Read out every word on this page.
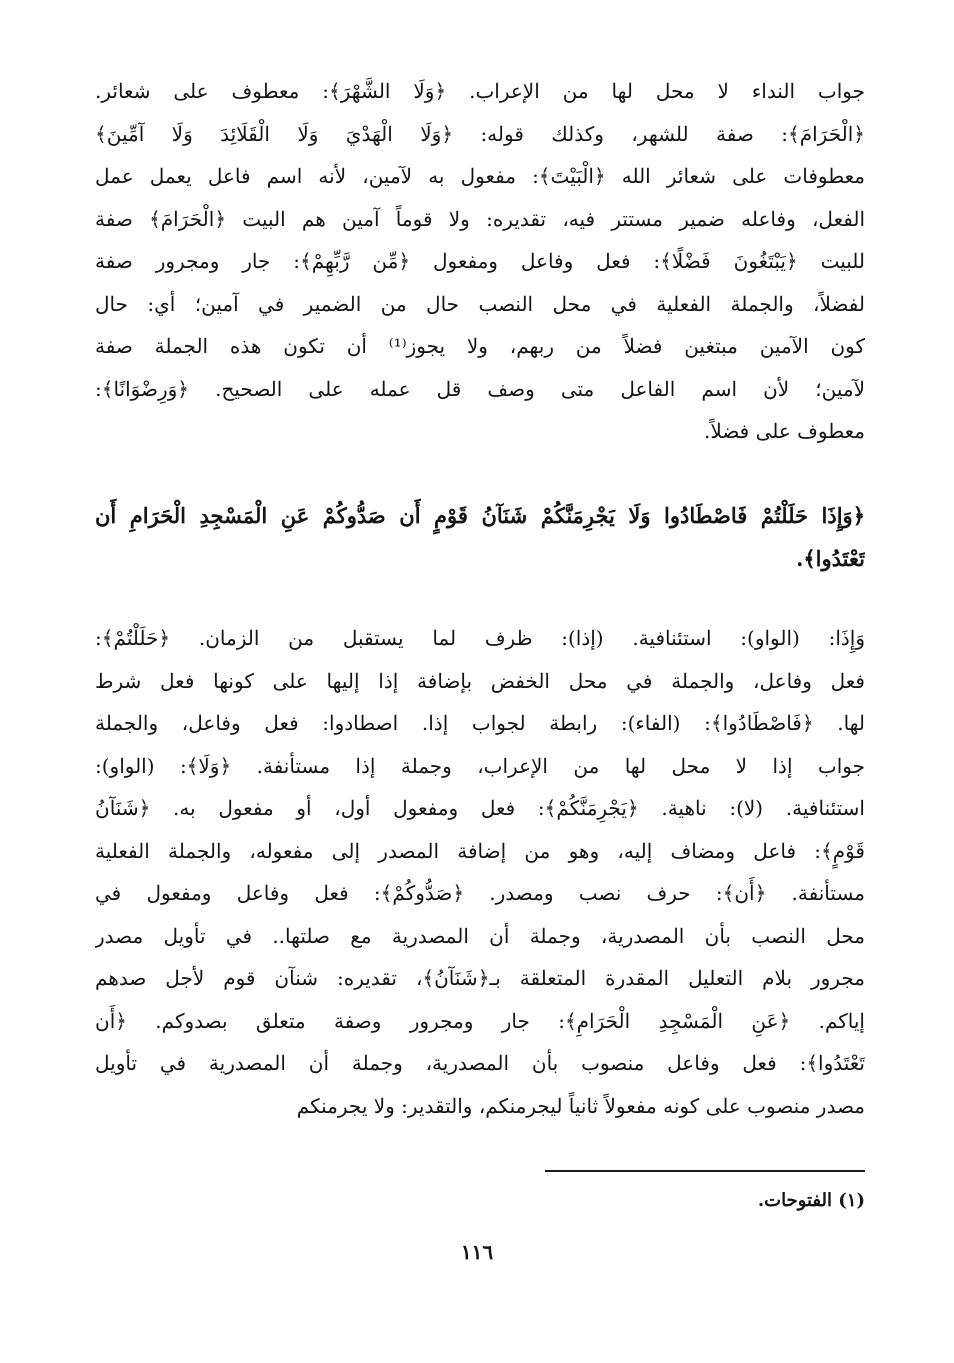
جواب النداء لا محل لها من الإعراب. ﴿وَلَا الشَّهْرَ﴾: معطوف على شعائر.
﴿الْحَرَامَ﴾: صفة للشهر، وكذلك قوله: ﴿وَلَا الْهَدْيَ وَلَا الْقَلَائِدَ وَلَا آمِّينَ﴾
معطوفات على شعائر الله ﴿الْبَيْتَ﴾: مفعول به لآمين، لأنه اسم فاعل يعمل عمل
الفعل، وفاعله ضمير مستتر فيه، تقديره: ولا قوماً آمين هم البيت ﴿الْحَرَامَ﴾ صفة
للبيت ﴿يَبْتَغُونَ فَضْلًا﴾: فعل وفاعل ومفعول ﴿مِّن رَّبِّهِمْ﴾: جار ومجرور صفة
لفضلاً، والجملة الفعلية في محل النصب حال من الضمير في آمين؛ أي: حال
كون الآمين مبتغين فضلاً من ربهم، ولا يجوز⁽¹⁾ أن تكون هذه الجملة صفة
لآمين؛ لأن اسم الفاعل متى وصف قل عمله على الصحيح. ﴿وَرِضْوَانًا﴾:
معطوف على فضلاً.
﴿وَإِذَا حَلَلْتُمْ فَاصْطَادُوا وَلَا يَجْرِمَنَّكُمْ شَنَآنُ قَوْمٍ أَن صَدُّوكُمْ عَنِ الْمَسْجِدِ الْحَرَامِ أَن
تَعْتَدُوا﴾.
وَإِذَا: (الواو): استئنافية. (إذا): ظرف لما يستقبل من الزمان. ﴿حَلَلْتُمْ﴾:
فعل وفاعل، والجملة في محل الخفض بإضافة إذا إليها على كونها فعل شرط
لها. ﴿فَاصْطَادُوا﴾: (الفاء): رابطة لجواب إذا. اصطادوا: فعل وفاعل، والجملة
جواب إذا لا محل لها من الإعراب، وجملة إذا مستأنفة. ﴿وَلَا﴾: (الواو):
استئنافية. (لا): ناهية. ﴿يَجْرِمَنَّكُمْ﴾: فعل ومفعول أول، أو مفعول به. ﴿شَنَآنُ
قَوْمٍ﴾: فاعل ومضاف إليه، وهو من إضافة المصدر إلى مفعوله، والجملة الفعلية
مستأنفة. ﴿أَن﴾: حرف نصب ومصدر. ﴿صَدُّوكُمْ﴾: فعل وفاعل ومفعول في
محل النصب بأن المصدرية، وجملة أن المصدرية مع صلتها.. في تأويل مصدر
مجرور بلام التعليل المقدرة المتعلقة بـ﴿شَنَآنُ﴾، تقديره: شنآن قوم لأجل صدهم
إياكم. ﴿عَنِ الْمَسْجِدِ الْحَرَامِ﴾: جار ومجرور وصفة متعلق بصدوكم. ﴿أَن
تَعْتَدُوا﴾: فعل وفاعل منصوب بأن المصدرية، وجملة أن المصدرية في تأويل
مصدر منصوب على كونه مفعولاً ثانياً ليجرمنكم، والتقدير: ولا يجرمنكم
(١) الفتوحات.
١١٦
